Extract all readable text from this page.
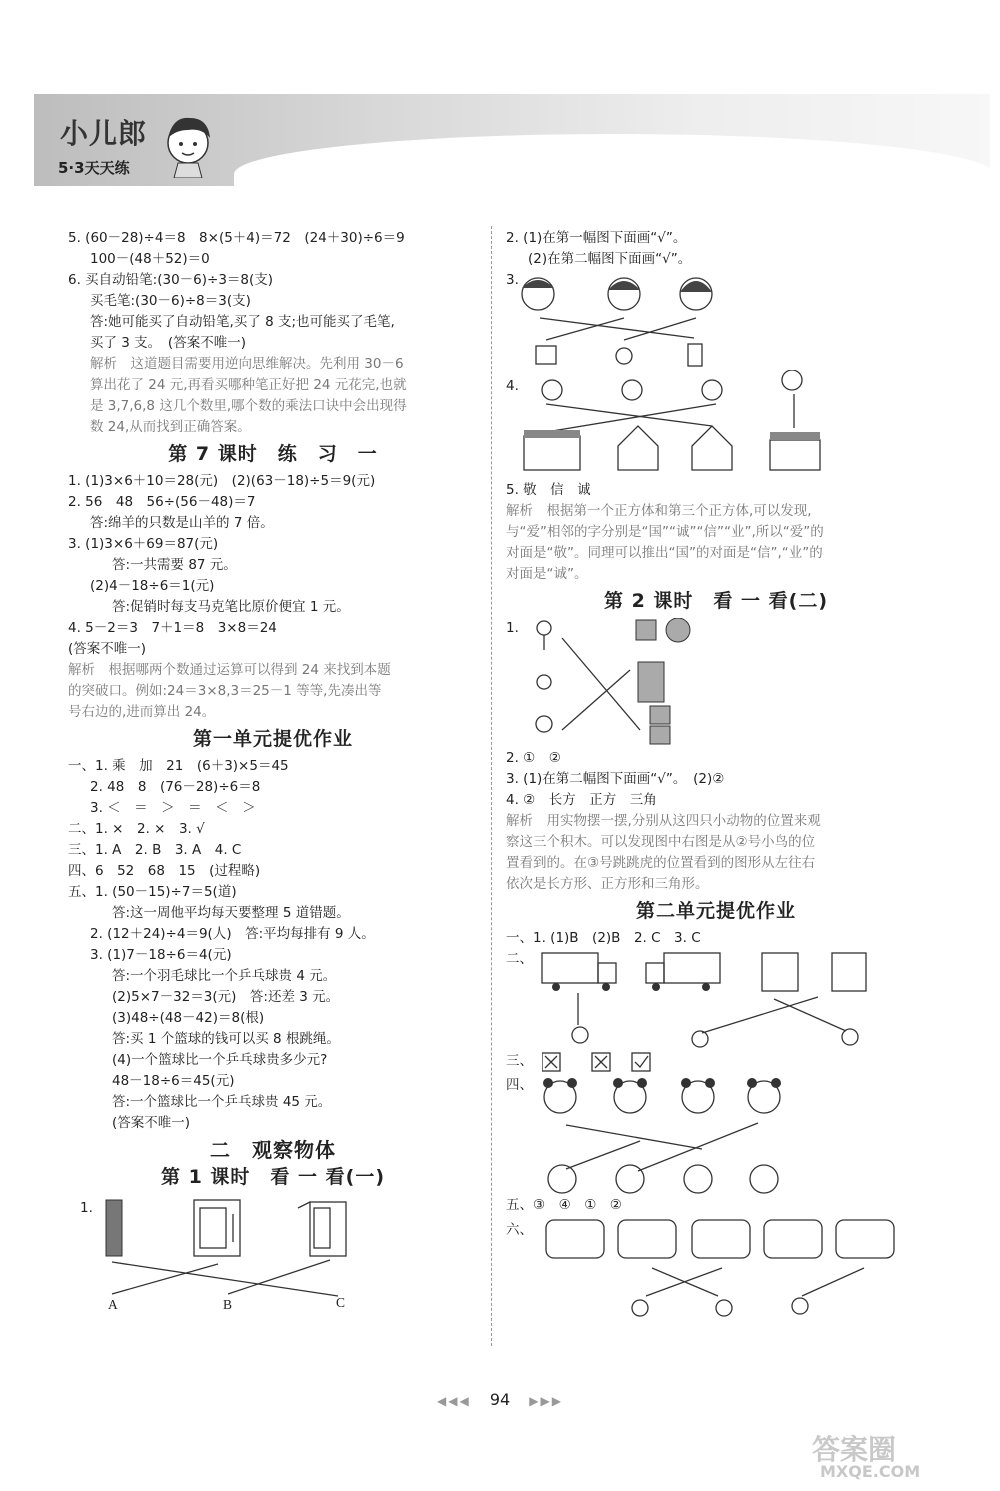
小儿郎
5·3天天练
5. (60－28)÷4＝8　8×(5＋4)＝72　(24＋30)÷6＝9
100－(48＋52)＝0
6. 买自动铅笔:(30－6)÷3＝8(支)
买毛笔:(30－6)÷8＝3(支)
答:她可能买了自动铅笔,买了 8 支;也可能买了毛笔,
买了 3 支。　(答案不唯一)
解析　这道题目需要用逆向思维解决。先利用 30－6
算出花了 24 元,再看买哪种笔正好把 24 元花完,也就
是 3,7,6,8 这几个数里,哪个数的乘法口诀中会出现得
数 24,从而找到正确答案。
第 7 课时　练　习　一
1. (1)3×6＋10＝28(元)　(2)(63－18)÷5＝9(元)
2. 56　48　56÷(56－48)＝7
答:绵羊的只数是山羊的 7 倍。
3. (1)3×6＋69＝87(元)
答:一共需要 87 元。
(2)4－18÷6＝1(元)
答:促销时每支马克笔比原价便宜 1 元。
4. 5－2＝3　7＋1＝8　3×8＝24
(答案不唯一)
解析　根据哪两个数通过运算可以得到 24 来找到本题
的突破口。例如:24＝3×8,3＝25－1 等等,先凑出等
号右边的,进而算出 24。
第一单元提优作业
一、1. 乘　加　21　(6＋3)×5＝45
2. 48　8　(76－28)÷6＝8
3. ＜　＝　＞　＝　＜　＞
二、1. ×　2. ×　3. √
三、1. A　2. B　3. A　4. C
四、6　52　68　15　(过程略)
五、1. (50－15)÷7＝5(道)
答:这一周他平均每天要整理 5 道错题。
2. (12＋24)÷4＝9(人)　答:平均每排有 9 人。
3. (1)7－18÷6＝4(元)
答:一个羽毛球比一个乒乓球贵 4 元。
(2)5×7－32＝3(元)　答:还差 3 元。
(3)48÷(48－42)＝8(根)
答:买 1 个篮球的钱可以买 8 根跳绳。
(4)一个篮球比一个乒乓球贵多少元?
48－18÷6＝45(元)
答:一个篮球比一个乒乓球贵 45 元。
(答案不唯一)
二　观察物体
第 1 课时　看 一 看(一)
1.
A	B	C
2. (1)在第一幅图下面画“√”。
(2)在第二幅图下面画“√”。
3.
4.
5. 敬　信　诚
解析　根据第一个正方体和第三个正方体,可以发现,
与“爱”相邻的字分别是“国”“诚”“信”“业”,所以“爱”的
对面是“敬”。同理可以推出“国”的对面是“信”,“业”的
对面是“诚”。
第 2 课时　看 一 看(二)
1.
2. ①　②
3. (1)在第二幅图下面画“√”。　(2)②
4. ②　长方　正方　三角
解析　用实物摆一摆,分别从这四只小动物的位置来观
察这三个积木。可以发现图中右图是从②号小鸟的位
置看到的。在③号跳跳虎的位置看到的图形从左往右
依次是长方形、正方形和三角形。
第二单元提优作业
一、1. (1)B　(2)B　2. C　3. C
二、
三、
四、
五、③　④　①　②
六、
◀◀◀ 94 ▶▶▶
答案圈
MXQE.COM
